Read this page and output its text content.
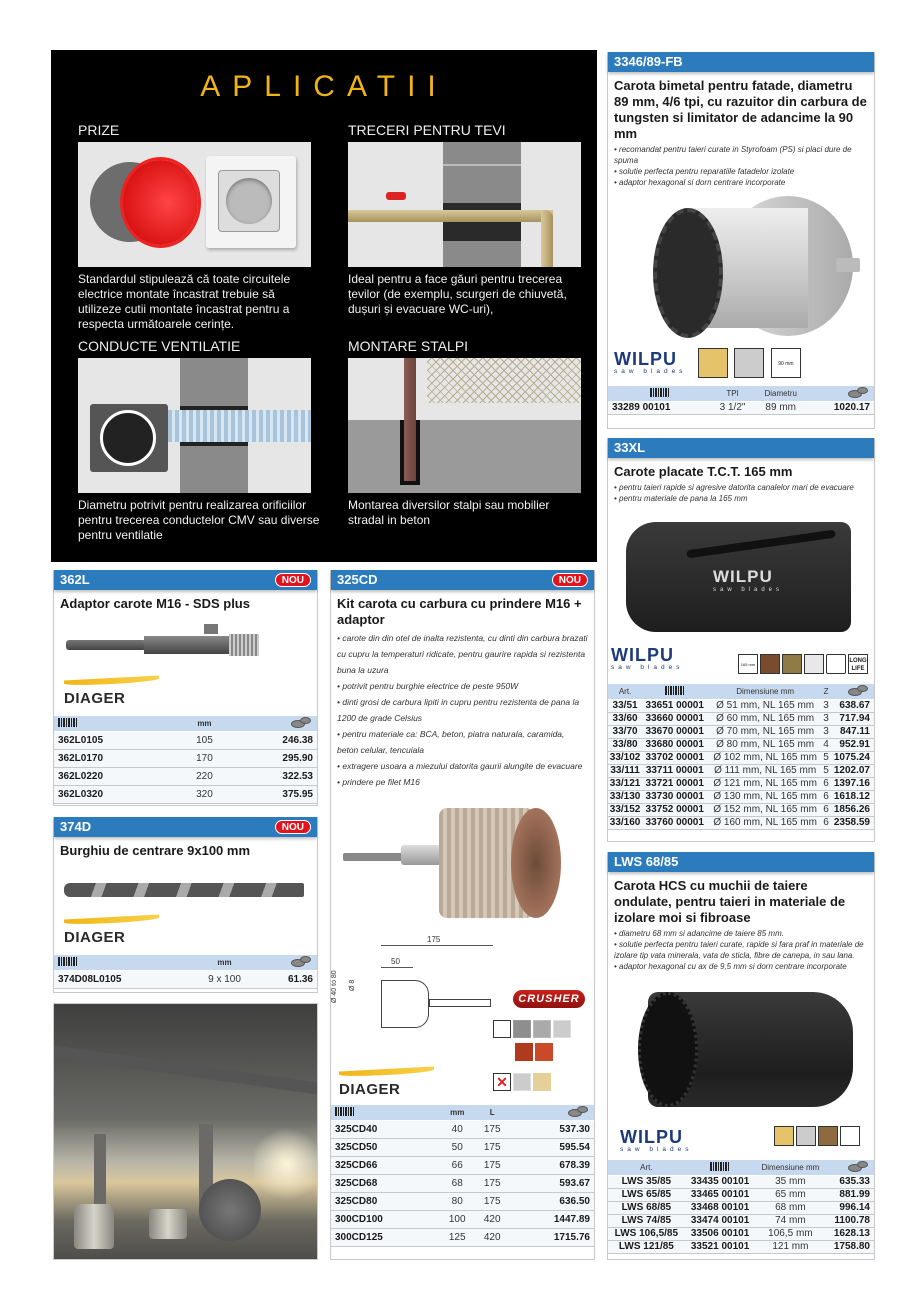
APLICATII
PRIZE
Standardul stipulează că toate circuitele electrice montate încastrat trebuie să utilizeze cutii montate încastrat pentru a respecta următoarele cerințe.
TRECERI PENTRU TEVI
Ideal pentru a face găuri pentru trecerea țevilor (de exemplu, scurgeri de chiuvetă, dușuri și evacuare WC-uri),
CONDUCTE VENTILATIE
Diametru potrivit pentru realizarea orificiilor pentru trecerea conductelor CMV sau diverse pentru ventilatie
MONTARE STALPI
Montarea diversilor stalpi sau mobilier stradal in beton
3346/89-FB
Carota bimetal pentru fatade, diametru 89 mm, 4/6 tpi, cu razuitor din carbura de tungsten si limitator de adancime la 90 mm
• recomandat pentru taieri curate in Styrofoam (PS) si placi dure de spuma
• solutie perfecta pentru reparatiile fatadelor izolate
• adaptor hexagonal si dorn centrare incorporate
WILPU
saw blades
90 mm
	TPI	Diametru	
33289 00101	3 1/2"	89 mm	1020.17
33XL
Carote placate T.C.T. 165 mm
• pentru taieri rapide si agresive datorita canalelor mari de evacuare
• pentru materiale de pana la 165 mm
WILPU
saw blades
WILPU
saw blades	165 mmLONG LIFE
Art.		Dimensiune mm	Z	
33/51	33651 00001	Ø 51 mm, NL 165 mm	3	638.67
33/60	33660 00001	Ø 60 mm, NL 165 mm	3	717.94
33/70	33670 00001	Ø 70 mm, NL 165 mm	3	847.11
33/80	33680 00001	Ø 80 mm, NL 165 mm	4	952.91
33/102	33702 00001	Ø 102 mm, NL 165 mm	5	1075.24
33/111	33711 00001	Ø 111 mm, NL 165 mm	5	1202.07
33/121	33721 00001	Ø 121 mm, NL 165 mm	6	1397.16
33/130	33730 00001	Ø 130 mm, NL 165 mm	6	1618.12
33/152	33752 00001	Ø 152 mm, NL 165 mm	6	1856.26
33/160	33760 00001	Ø 160 mm, NL 165 mm	6	2358.59
LWS 68/85
Carota HCS cu muchii de taiere ondulate, pentru taieri in materiale de izolare moi si fibroase
• diametru 68 mm si adancime de taiere 85 mm.
• solutie perfecta pentru taieri curate, rapide si fara praf in materiale de izolare tip vata minerala, vata de sticla, fibre de canepa, in sau lana.
• adaptor hexagonal cu ax de 9,5 mm si dorn centrare incorporate
WILPU
saw blades
Art.		Dimensiune mm	
LWS 35/85	33435 00101	35 mm	635.33
LWS 65/85	33465 00101	65 mm	881.99
LWS 68/85	33468 00101	68 mm	996.14
LWS 74/85	33474 00101	74 mm	1100.78
LWS 106,5/85	33506 00101	106,5 mm	1628.13
LWS 121/85	33521 00101	121 mm	1758.80
362L	NOU
Adaptor carote M16 - SDS plus
DIAGER
	mm	
362L0105	105	246.38
362L0170	170	295.90
362L0220	220	322.53
362L0320	320	375.95
374D	NOU
Burghiu de centrare 9x100 mm
DIAGER
	mm	
374D08L0105	9 x 100	61.36
325CD	NOU
Kit carota cu carbura cu prindere M16 + adaptor
• carote din din otel de inalta rezistenta, cu dinti din carbura brazati cu cupru la temperaturi ridicate, pentru gaurire rapida si rezistenta buna la uzura
• potrivit pentru burghie electrice de peste 950W
• dinti grosi de carbura lipiti in cupru pentru rezistenta de pana la 1200 de grade Celsius
• pentru materiale ca: BCA, beton, piatra naturala, caramida, beton celular, tencuiala
• extragere usoara a miezului datorita gaurii alungite de evacuare
• prindere pe filet M16
175
50
Ø 40 to 80 Ø 8
CRUSHER
DIAGER	✕
	mm	L	
325CD40	40	175	537.30
325CD50	50	175	595.54
325CD66	66	175	678.39
325CD68	68	175	593.67
325CD80	80	175	636.50
300CD100	100	420	1447.89
300CD125	125	420	1715.76
